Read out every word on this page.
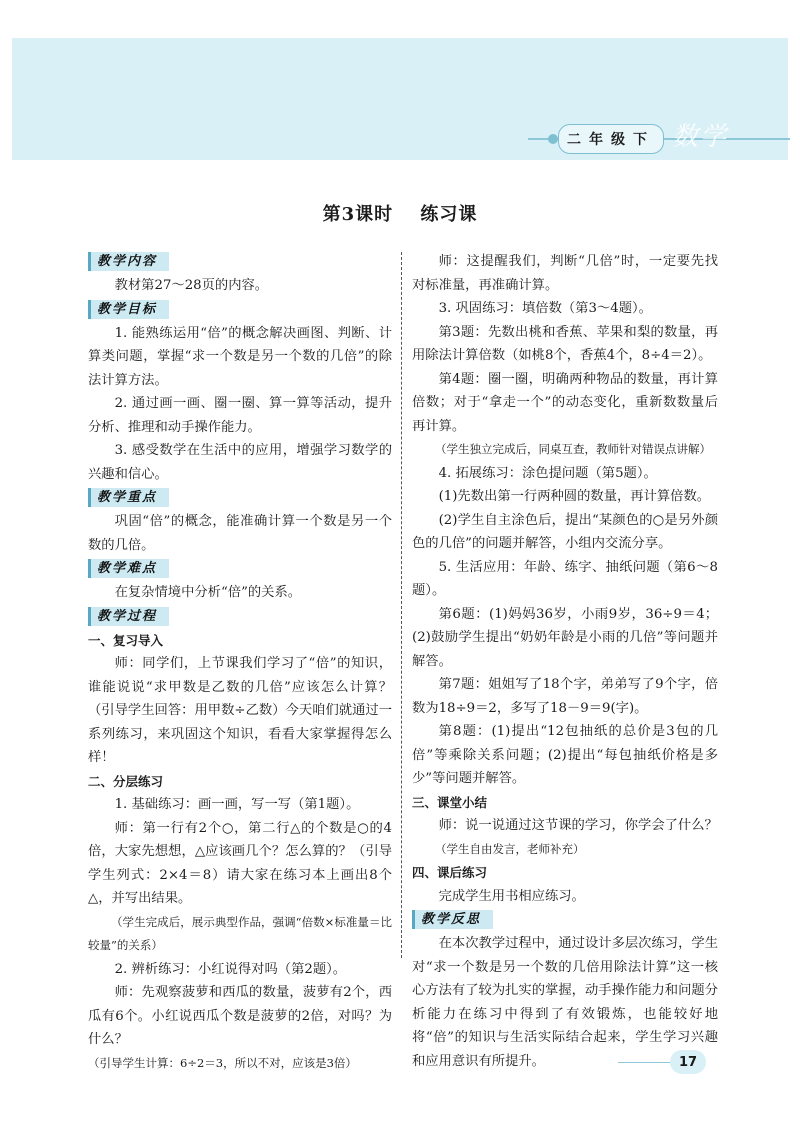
二年级下 数学
第3课时 练习课
教学内容

教材第27～28页的内容。

教学目标

1. 能熟练运用“倍”的概念解决画图、判断、计算类问题，掌握“求一个数是另一个数的几倍”的除法计算方法。

2. 通过画一画、圈一圈、算一算等活动，提升分析、推理和动手操作能力。

3. 感受数学在生活中的应用，增强学习数学的兴趣和信心。

教学重点

巩固“倍”的概念，能准确计算一个数是另一个数的几倍。

教学难点

在复杂情境中分析“倍”的关系。

教学过程

一、复习导入

师：同学们，上节课我们学习了“倍”的知识，谁能说说“求甲数是乙数的几倍”应该怎么计算？（引导学生回答：用甲数÷乙数）今天咱们就通过一系列练习，来巩固这个知识，看看大家掌握得怎么样！

二、分层练习

1. 基础练习：画一画，写一写（第1题）。

师：第一行有2个○，第二行△的个数是○的4倍，大家先想想，△应该画几个？怎么算的？（引导学生列式：2×4＝8）请大家在练习本上画出8个△，并写出结果。

（学生完成后，展示典型作品，强调“倍数×标准量＝比较量”的关系）

2. 辨析练习：小红说得对吗（第2题）。

师：先观察菠萝和西瓜的数量，菠萝有2个，西瓜有6个。小红说西瓜个数是菠萝的2倍，对吗？为什么？

（引导学生计算：6÷2＝3，所以不对，应该是3倍）

师：这提醒我们，判断“几倍”时，一定要先找对标准量，再准确计算。

3. 巩固练习：填倍数（第3～4题）。

第3题：先数出桃和香蕉、苹果和梨的数量，再用除法计算倍数（如桃8个，香蕉4个，8÷4＝2）。

第4题：圈一圈，明确两种物品的数量，再计算倍数；对于“拿走一个”的动态变化，重新数数量后再计算。

（学生独立完成后，同桌互查，教师针对错误点讲解）

4. 拓展练习：涂色提问题（第5题）。

(1)先数出第一行两种圆的数量，再计算倍数。

(2)学生自主涂色后，提出“某颜色的○是另外颜色的几倍”的问题并解答，小组内交流分享。

5. 生活应用：年龄、练字、抽纸问题（第6～8题）。

第6题：(1)妈妈36岁，小雨9岁，36÷9＝4；(2)鼓励学生提出“奶奶年龄是小雨的几倍”等问题并解答。

第7题：姐姐写了18个字，弟弟写了9个字，倍数为18÷9＝2，多写了18－9＝9(字)。

第8题：(1)提出“12包抽纸的总价是3包的几倍”等乘除关系问题；(2)提出“每包抽纸价格是多少”等问题并解答。

三、课堂小结

师：说一说通过这节课的学习，你学会了什么？

（学生自由发言，老师补充）

四、课后练习

完成学生用书相应练习。

教学反思

在本次教学过程中，通过设计多层次练习，学生对“求一个数是另一个数的几倍用除法计算”这一核心方法有了较为扎实的掌握，动手操作能力和问题分析能力在练习中得到了有效锻炼，也能较好地将“倍”的知识与生活实际结合起来，学生学习兴趣和应用意识有所提升。	17
